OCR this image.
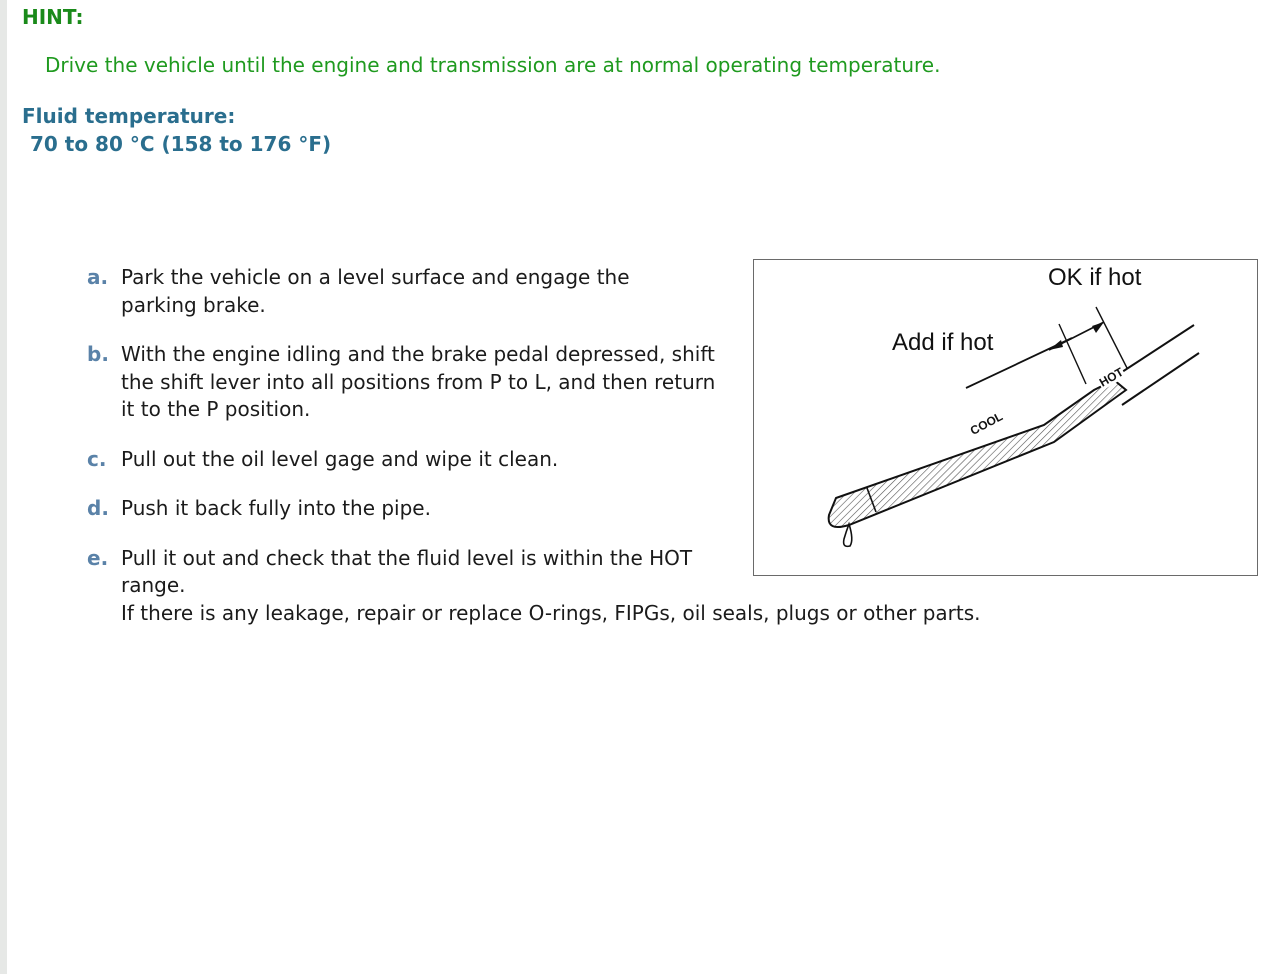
HINT:

Drive the vehicle until the engine and transmission are at normal operating temperature.

Fluid temperature:

70 to 80 °C (158 to 176 °F)

a. Park the vehicle on a level surface and engage the parking brake.
b. With the engine idling and the brake pedal depressed, shift the shift lever into all positions from P to L, and then return it to the P position.
c. Pull out the oil level gage and wipe it clean.
d. Push it back fully into the pipe.
e. Pull it out and check that the fluid level is within the HOT range.
If there is any leakage, repair or replace O-rings, FIPGs, oil seals, plugs or other parts.
OK if hot
Add if hot
COOL
HOT
